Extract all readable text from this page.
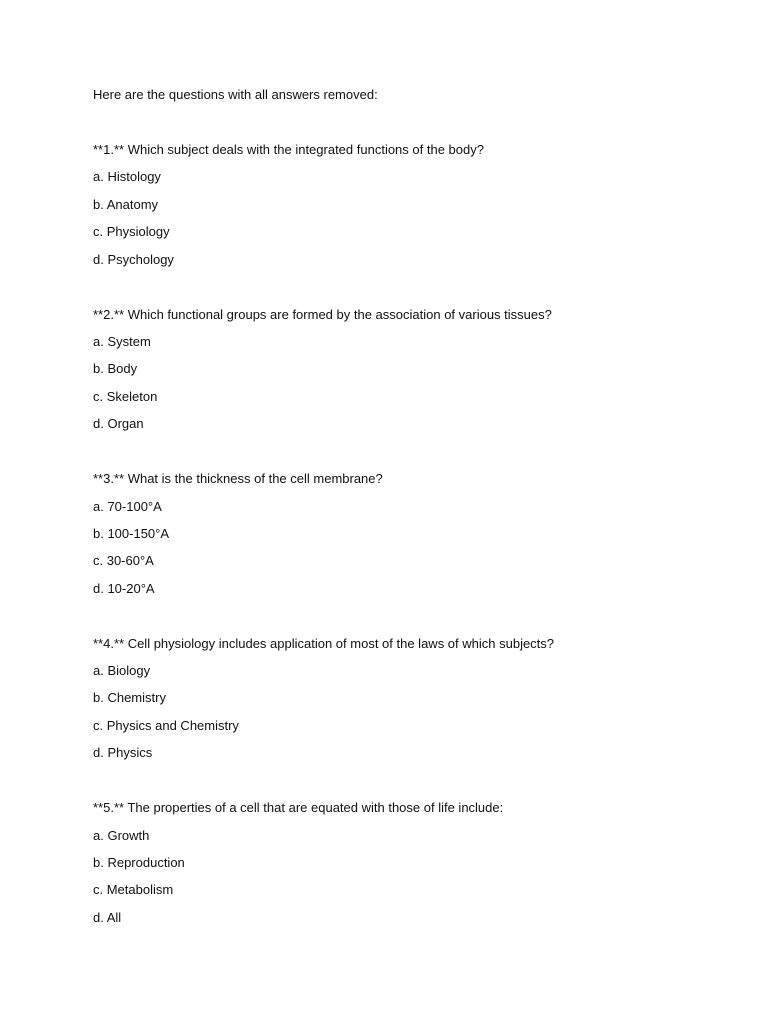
Here are the questions with all answers removed:
**1.** Which subject deals with the integrated functions of the body?
a. Histology
b. Anatomy
c. Physiology
d. Psychology
**2.** Which functional groups are formed by the association of various tissues?
a. System
b. Body
c. Skeleton
d. Organ
**3.** What is the thickness of the cell membrane?
a. 70-100°A
b. 100-150°A
c. 30-60°A
d. 10-20°A
**4.** Cell physiology includes application of most of the laws of which subjects?
a. Biology
b. Chemistry
c. Physics and Chemistry
d. Physics
**5.** The properties of a cell that are equated with those of life include:
a. Growth
b. Reproduction
c. Metabolism
d. All
